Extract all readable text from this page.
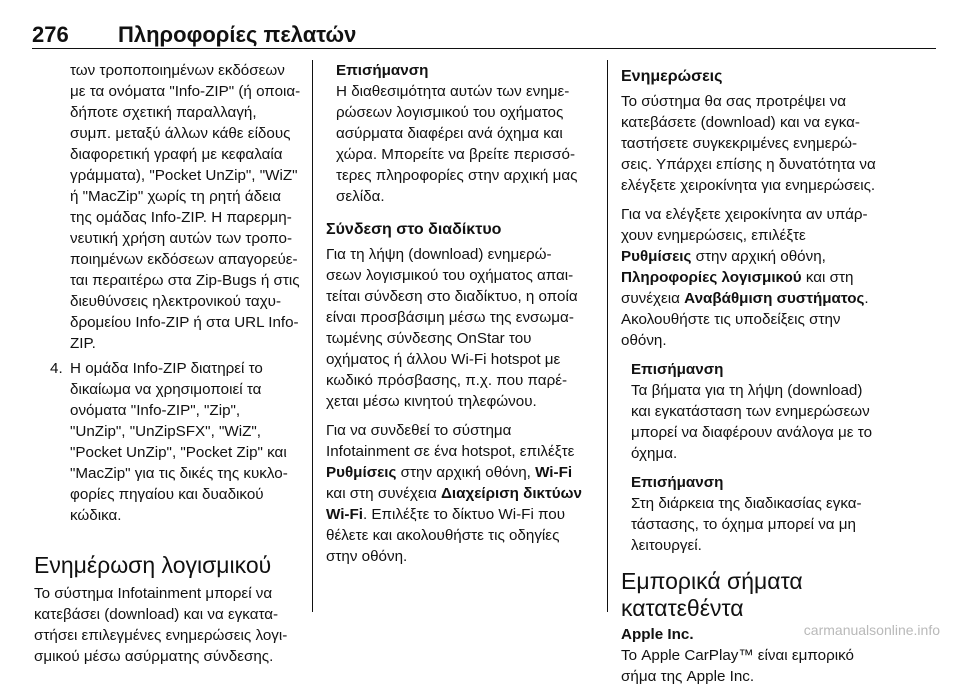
276 Πληροφορίες πελατών

των τροποποιημένων εκδόσεων

με τα ονόματα "Info-ZIP" (ή οποια-

δήποτε σχετική παραλλαγή,

συμπ. μεταξύ άλλων κάθε είδους

διαφορετική γραφή με κεφαλαία

γράμματα), "Pocket UnZip", "WiZ"

ή "MacZip" χωρίς τη ρητή άδεια

της ομάδας Info-ZIP. Η παρερμη-

νευτική χρήση αυτών των τροπο-

ποιημένων εκδόσεων απαγορεύε-

ται περαιτέρω στα Zip-Bugs ή στις

διευθύνσεις ηλεκτρονικού ταχυ-

δρομείου Info-ZIP ή στα URL Info-

ZIP.

4. Η ομάδα Info-ZIP διατηρεί το

δικαίωμα να χρησιμοποιεί τα

ονόματα "Info-ZIP", "Zip",

"UnZip", "UnZipSFX", "WiZ",

"Pocket UnZip", "Pocket Zip" και

"MacZip" για τις δικές της κυκλο-

φορίες πηγαίου και δυαδικού

κώδικα.

Ενημέρωση λογισμικού

Το σύστημα Infotainment μπορεί να

κατεβάσει (download) και να εγκατα-

στήσει επιλεγμένες ενημερώσεις λογι-

σμικού μέσω ασύρματης σύνδεσης.

Επισήμανση

Η διαθεσιμότητα αυτών των ενημε-

ρώσεων λογισμικού του οχήματος

ασύρματα διαφέρει ανά όχημα και

χώρα. Μπορείτε να βρείτε περισσό-

τερες πληροφορίες στην αρχική μας

σελίδα.

Σύνδεση στο διαδίκτυο

Για τη λήψη (download) ενημερώ-

σεων λογισμικού του οχήματος απαι-

τείται σύνδεση στο διαδίκτυο, η οποία

είναι προσβάσιμη μέσω της ενσωμα-

τωμένης σύνδεσης OnStar του

οχήματος ή άλλου Wi-Fi hotspot με

κωδικό πρόσβασης, π.χ. που παρέ-

χεται μέσω κινητού τηλεφώνου.

Για να συνδεθεί το σύστημα

Infotainment σε ένα hotspot, επιλέξτε

Ρυθμίσεις στην αρχική οθόνη, Wi-Fi

και στη συνέχεια Διαχείριση δικτύων

Wi-Fi. Επιλέξτε το δίκτυο Wi-Fi που

θέλετε και ακολουθήστε τις οδηγίες

στην οθόνη.

Ενημερώσεις

Το σύστημα θα σας προτρέψει να

κατεβάσετε (download) και να εγκα-

ταστήσετε συγκεκριμένες ενημερώ-

σεις. Υπάρχει επίσης η δυνατότητα να

ελέγξετε χειροκίνητα για ενημερώσεις.

Για να ελέγξετε χειροκίνητα αν υπάρ-

χουν ενημερώσεις, επιλέξτε

Ρυθμίσεις στην αρχική οθόνη,

Πληροφορίες λογισμικού και στη

συνέχεια Αναβάθμιση συστήματος.

Ακολουθήστε τις υποδείξεις στην

οθόνη.

Επισήμανση

Τα βήματα για τη λήψη (download)

και εγκατάσταση των ενημερώσεων

μπορεί να διαφέρουν ανάλογα με το

όχημα.

Επισήμανση

Στη διάρκεια της διαδικασίας εγκα-

τάστασης, το όχημα μπορεί να μη

λειτουργεί.

Εμπορικά σήματα
κατατεθέντα

Apple Inc.

Το Apple CarPlay™ είναι εμπορικό

σήμα της Apple Inc.

carmanualsonline.info
